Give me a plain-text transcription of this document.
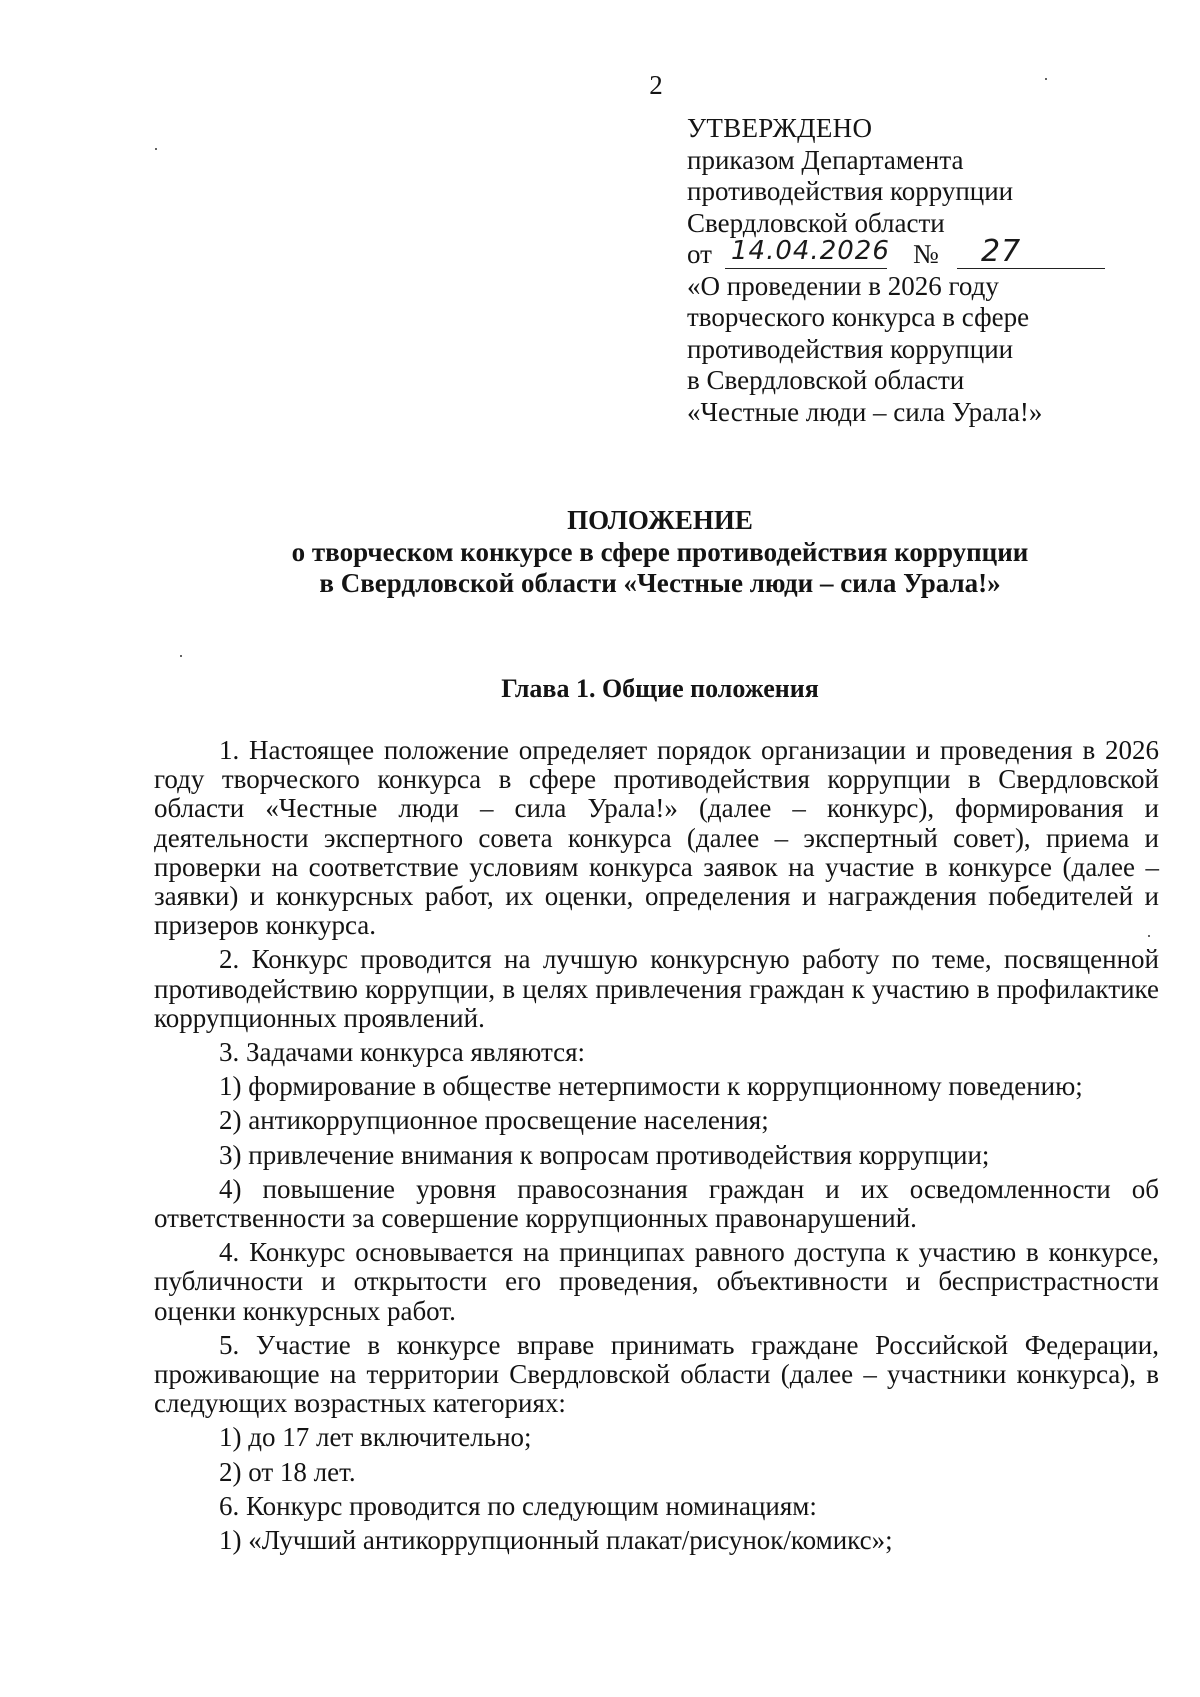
2
УТВЕРЖДЕНО
приказом Департамента
противодействия коррупции
Свердловской области
от 14.04.2026 № 27
«О проведении в 2026 году
творческого конкурса в сфере
противодействия коррупции
в Свердловской области
«Честные люди – сила Урала!»
ПОЛОЖЕНИЕ
о творческом конкурсе в сфере противодействия коррупции
в Свердловской области «Честные люди – сила Урала!»
Глава 1. Общие положения

1. Настоящее положение определяет порядок организации и проведения в 2026 году творческого конкурса в сфере противодействия коррупции в Свердловской области «Честные люди – сила Урала!» (далее – конкурс), формирования и деятельности экспертного совета конкурса (далее – экспертный совет), приема и проверки на соответствие условиям конкурса заявок на участие в конкурсе (далее – заявки) и конкурсных работ, их оценки, определения и награждения победителей и призеров конкурса.

2. Конкурс проводится на лучшую конкурсную работу по теме, посвященной противодействию коррупции, в целях привлечения граждан к участию в профилактике коррупционных проявлений.

3. Задачами конкурса являются:

1) формирование в обществе нетерпимости к коррупционному поведению;

2) антикоррупционное просвещение населения;

3) привлечение внимания к вопросам противодействия коррупции;

4) повышение уровня правосознания граждан и их осведомленности об ответственности за совершение коррупционных правонарушений.

4. Конкурс основывается на принципах равного доступа к участию в конкурсе, публичности и открытости его проведения, объективности и беспристрастности оценки конкурсных работ.

5. Участие в конкурсе вправе принимать граждане Российской Федерации, проживающие на территории Свердловской области (далее – участники конкурса), в следующих возрастных категориях:

1) до 17 лет включительно;

2) от 18 лет.

6. Конкурс проводится по следующим номинациям:

1) «Лучший антикоррупционный плакат/рисунок/комикс»;
